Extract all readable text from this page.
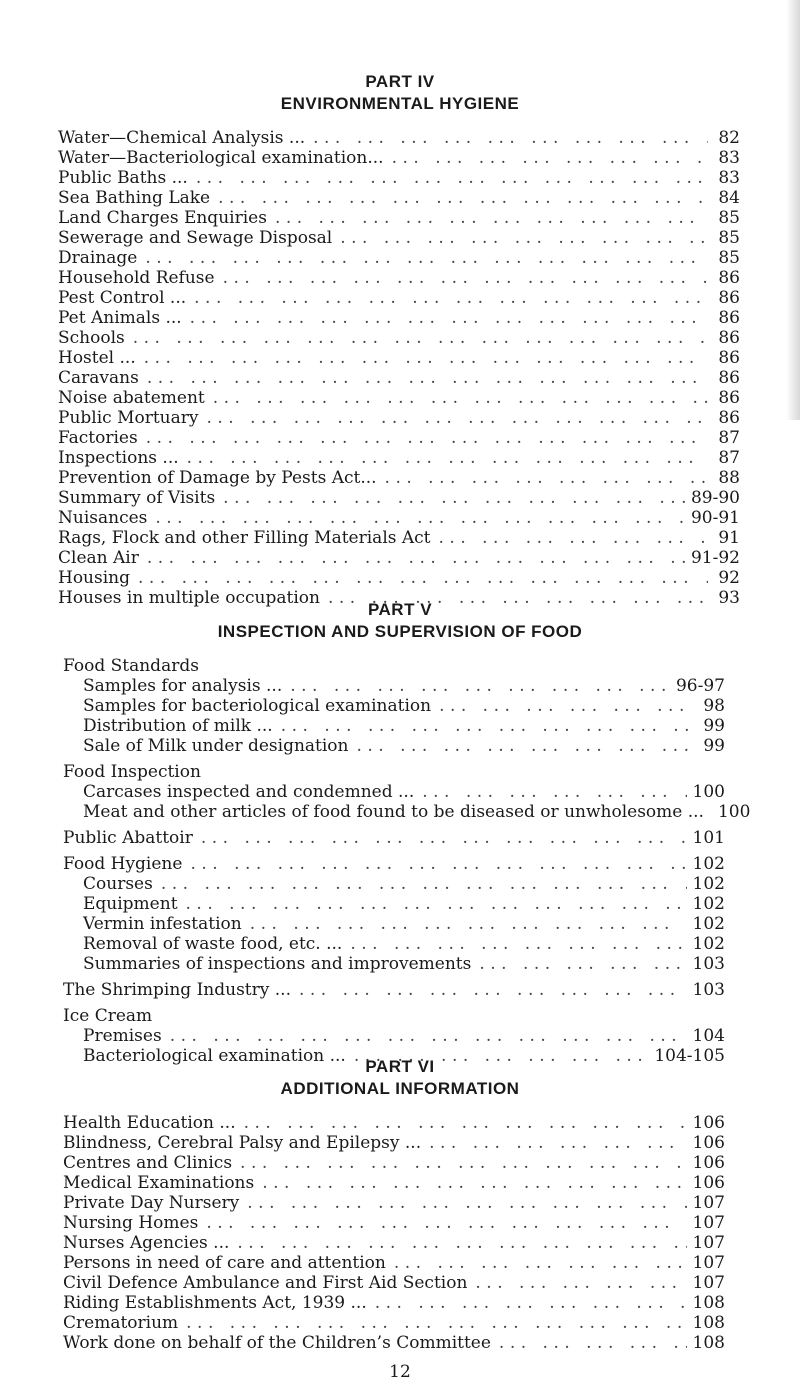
PART IV
ENVIRONMENTAL HYGIENE
Water—Chemical Analysis ... ... .	82
Water—Bacteriological examination... ... .	83
Public Baths ... ... .	83
Sea Bathing Lake ... .	84
Land Charges Enquiries ... .	85
Sewerage and Sewage Disposal ... .	85
Drainage ... .	85
Household Refuse ... .	86
Pest Control ... ... .	86
Pet Animals ... ... .	86
Schools ... .	86
Hostel ... ... .	86
Caravans ... .	86
Noise abatement ... .	86
Public Mortuary ... .	86
Factories ... .	87
Inspections ... ... .	87
Prevention of Damage by Pests Act... ... .	88
Summary of Visits ... .	89-90
Nuisances ... .	90-91
Rags, Flock and other Filling Materials Act ... .	91
Clean Air ... .	91-92
Housing ... .	92
Houses in multiple occupation ... .	93
PART V
INSPECTION AND SUPERVISION OF FOOD
Food Standards
Samples for analysis ... ... .	96-97
Samples for bacteriological examination ... .	98
Distribution of milk ... ... .	99
Sale of Milk under designation ... .	99
Food Inspection
Carcases inspected and condemned ... ... .	100
Meat and other articles of food found to be diseased or unwholesome ... 100
Public Abattoir ... .	101
Food Hygiene ... .	102
Courses ... .	102
Equipment ... .	102
Vermin infestation ... .	102
Removal of waste food, etc. ... ... .	102
Summaries of inspections and improvements ... .	103
The Shrimping Industry ... ... .	103
Ice Cream
Premises ... .	104
Bacteriological examination ... ... .	104-105
PART VI
ADDITIONAL INFORMATION
Health Education ... ... .	106
Blindness, Cerebral Palsy and Epilepsy ... ... .	106
Centres and Clinics ... .	106
Medical Examinations ... .	106
Private Day Nursery ... .	107
Nursing Homes ... .	107
Nurses Agencies ... ... .	107
Persons in need of care and attention ... .	107
Civil Defence Ambulance and First Aid Section ... .	107
Riding Establishments Act, 1939 ... ... .	108
Crematorium ... .	108
Work done on behalf of the Children’s Committee ... .	108
12
